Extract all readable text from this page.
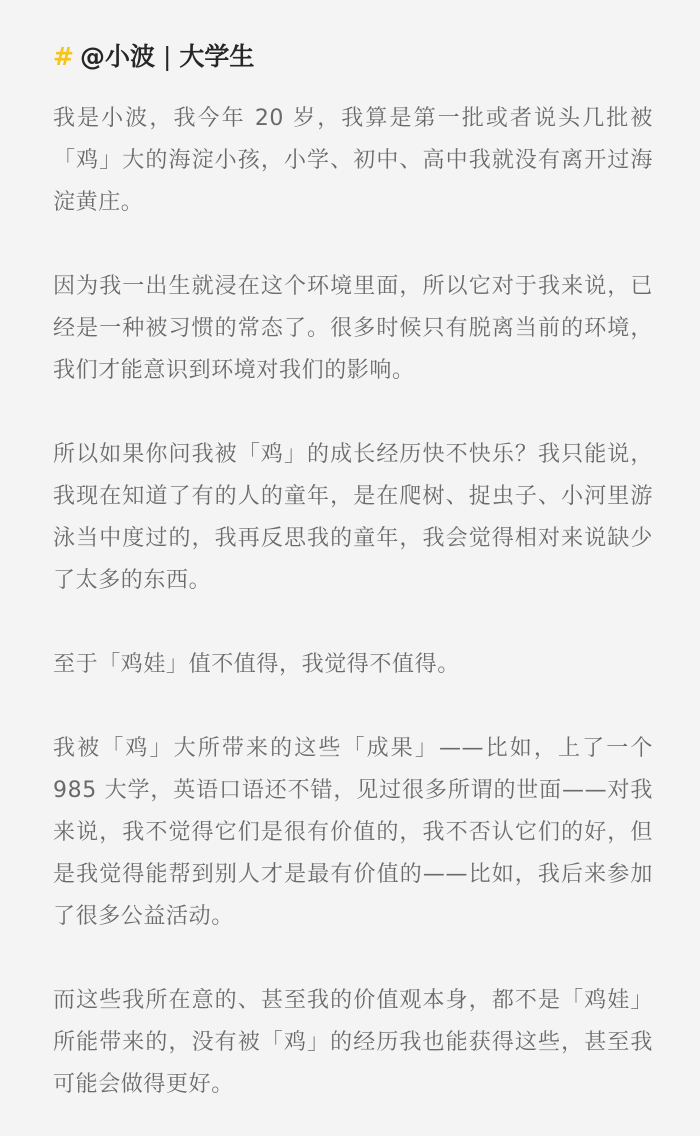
# @小波 | 大学生

我是小波，我今年 20 岁，我算是第一批或者说头几批被「鸡」大的海淀小孩，小学、初中、高中我就没有离开过海淀黄庄。

因为我一出生就浸在这个环境里面，所以它对于我来说，已经是一种被习惯的常态了。很多时候只有脱离当前的环境，我们才能意识到环境对我们的影响。

所以如果你问我被「鸡」的成长经历快不快乐？我只能说，我现在知道了有的人的童年，是在爬树、捉虫子、小河里游泳当中度过的，我再反思我的童年，我会觉得相对来说缺少了太多的东西。

至于「鸡娃」值不值得，我觉得不值得。

我被「鸡」大所带来的这些「成果」——比如，上了一个 985 大学，英语口语还不错，见过很多所谓的世面——对我来说，我不觉得它们是很有价值的，我不否认它们的好，但是我觉得能帮到别人才是最有价值的——比如，我后来参加了很多公益活动。

而这些我所在意的、甚至我的价值观本身，都不是「鸡娃」所能带来的，没有被「鸡」的经历我也能获得这些，甚至我可能会做得更好。
